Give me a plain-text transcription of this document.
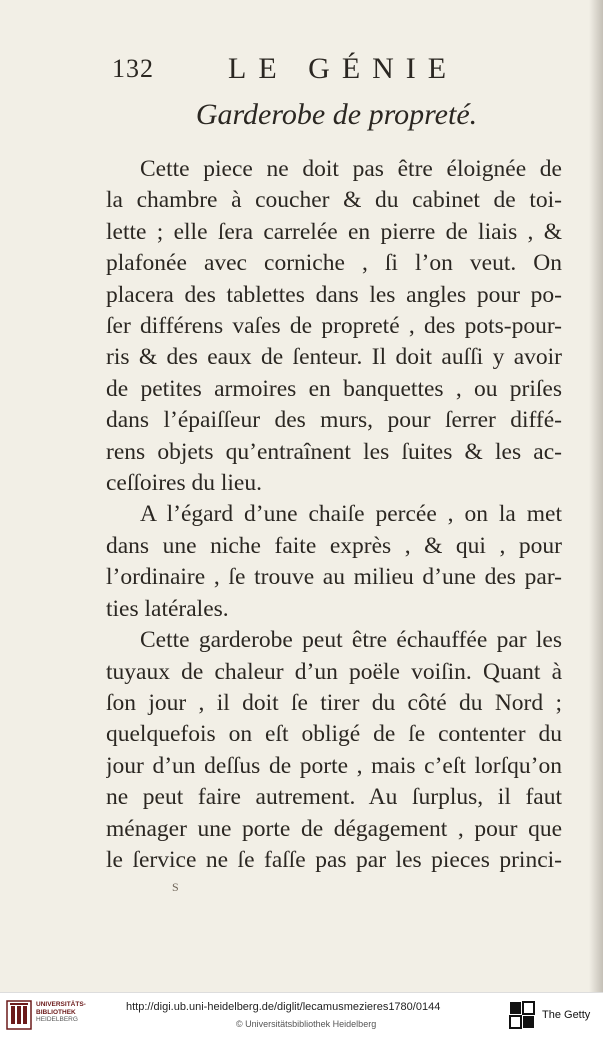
132 LE GÉNIE
Garderobe de propreté.
Cette piece ne doit pas être éloignée de
la chambre à coucher & du cabinet de toi-
lette ; elle ſera carrelée en pierre de liais , &
plafonée avec corniche , ſi l’on veut. On
placera des tablettes dans les angles pour po-
ſer différens vaſes de propreté , des pots-pour-
ris & des eaux de ſenteur. Il doit auſſi y avoir
de petites armoires en banquettes , ou priſes
dans l’épaiſſeur des murs, pour ſerrer diffé-
rens objets qu’entraînent les ſuites & les ac-
ceſſoires du lieu.
A l’égard d’une chaiſe percée , on la met
dans une niche faite exprès , & qui , pour
l’ordinaire , ſe trouve au milieu d’une des par-
ties latérales.
Cette garderobe peut être échauffée par les
tuyaux de chaleur d’un poële voiſin. Quant à
ſon jour , il doit ſe tirer du côté du Nord ;
quelquefois on eſt obligé de ſe contenter du
jour d’un deſſus de porte , mais c’eſt lorſqu’on
ne peut faire autrement. Au ſurplus, il faut
ménager une porte de dégagement , pour que
le ſervice ne ſe faſſe pas par les pieces princi-
S
UNIVERSITÄTS-
BIBLIOTHEK
HEIDELBERG
http://digi.ub.uni-heidelberg.de/diglit/lecamusmezieres1780/0144
© Universitätsbibliothek Heidelberg
The Getty
